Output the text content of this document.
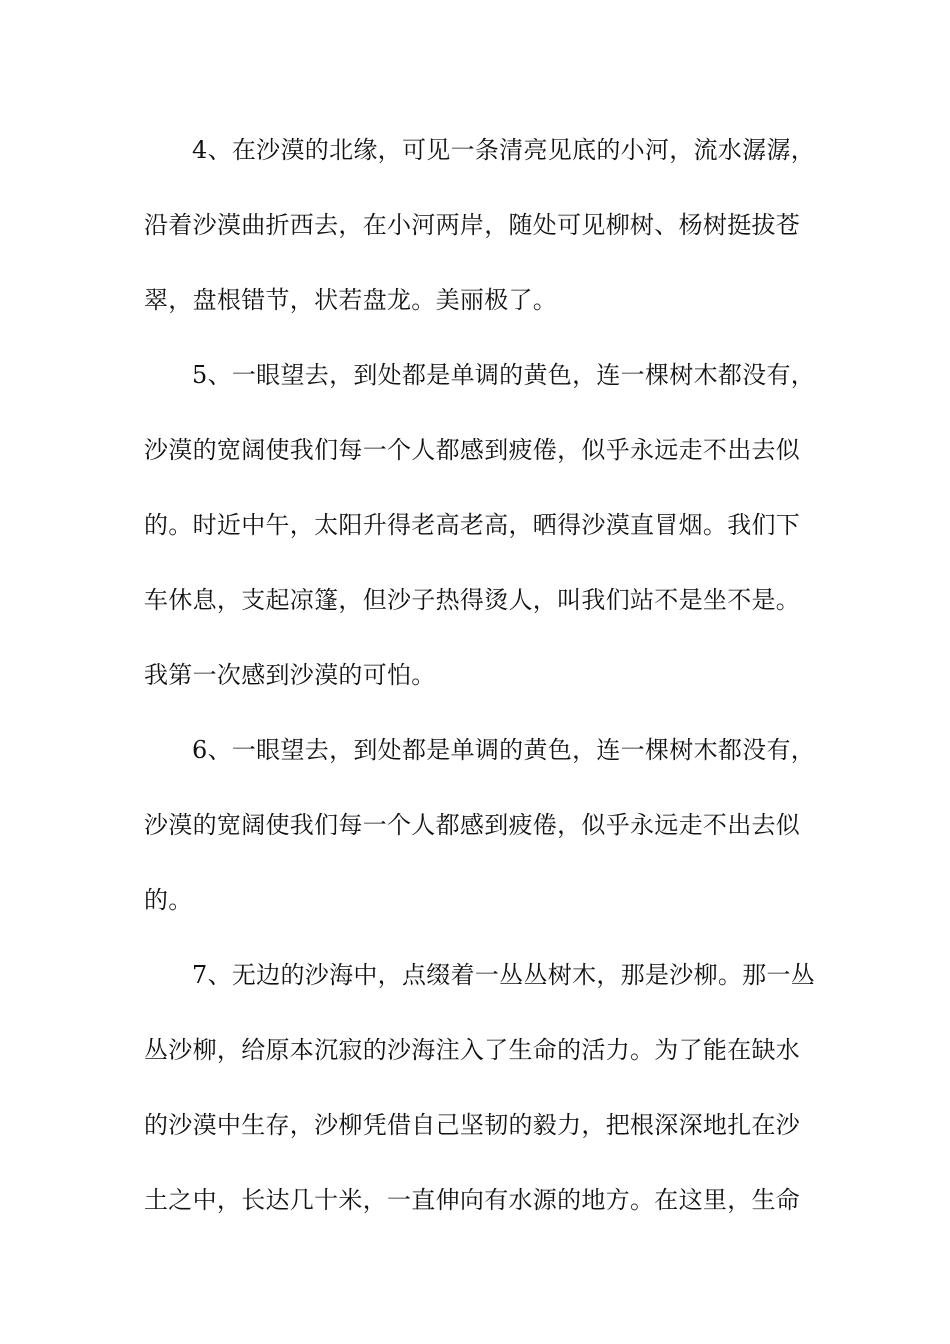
4、在沙漠的北缘，可见一条清亮见底的小河，流水潺潺，
沿着沙漠曲折西去，在小河两岸，随处可见柳树、杨树挺拔苍
翠，盘根错节，状若盘龙。美丽极了。
5、一眼望去，到处都是单调的黄色，连一棵树木都没有，
沙漠的宽阔使我们每一个人都感到疲倦，似乎永远走不出去似
的。时近中午，太阳升得老高老高，晒得沙漠直冒烟。我们下
车休息，支起凉篷，但沙子热得烫人，叫我们站不是坐不是。
我第一次感到沙漠的可怕。
6、一眼望去，到处都是单调的黄色，连一棵树木都没有，
沙漠的宽阔使我们每一个人都感到疲倦，似乎永远走不出去似
的。
7、无边的沙海中，点缀着一丛丛树木，那是沙柳。那一丛
丛沙柳，给原本沉寂的沙海注入了生命的活力。为了能在缺水
的沙漠中生存，沙柳凭借自己坚韧的毅力，把根深深地扎在沙
土之中，长达几十米，一直伸向有水源的地方。在这里，生命
